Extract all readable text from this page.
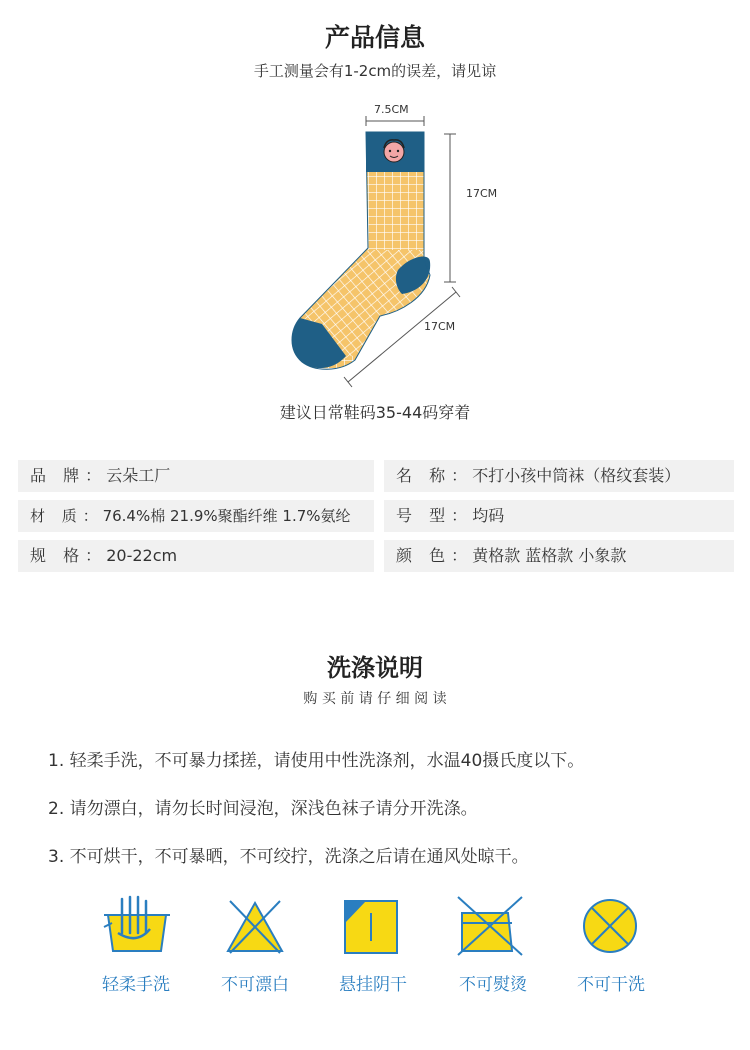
产品信息
手工测量会有1-2cm的误差，请见谅
7.5CM
17CM
17CM
建议日常鞋码35-44码穿着
品 牌： 云朵工厂	名 称： 不打小孩中筒袜（格纹套装）
材 质： 76.4%棉 21.9%聚酯纤维 1.7%氨纶	号 型： 均码
规 格： 20-22cm	颜 色： 黄格款 蓝格款 小象款
洗涤说明
购 买 前 请 仔 细 阅 读
1. 轻柔手洗，不可暴力揉搓，请使用中性洗涤剂，水温40摄氏度以下。
2. 请勿漂白，请勿长时间浸泡，深浅色袜子请分开洗涤。
3. 不可烘干，不可暴晒，不可绞拧，洗涤之后请在通风处晾干。
轻柔手洗	不可漂白	悬挂阴干	不可熨烫	不可干洗
